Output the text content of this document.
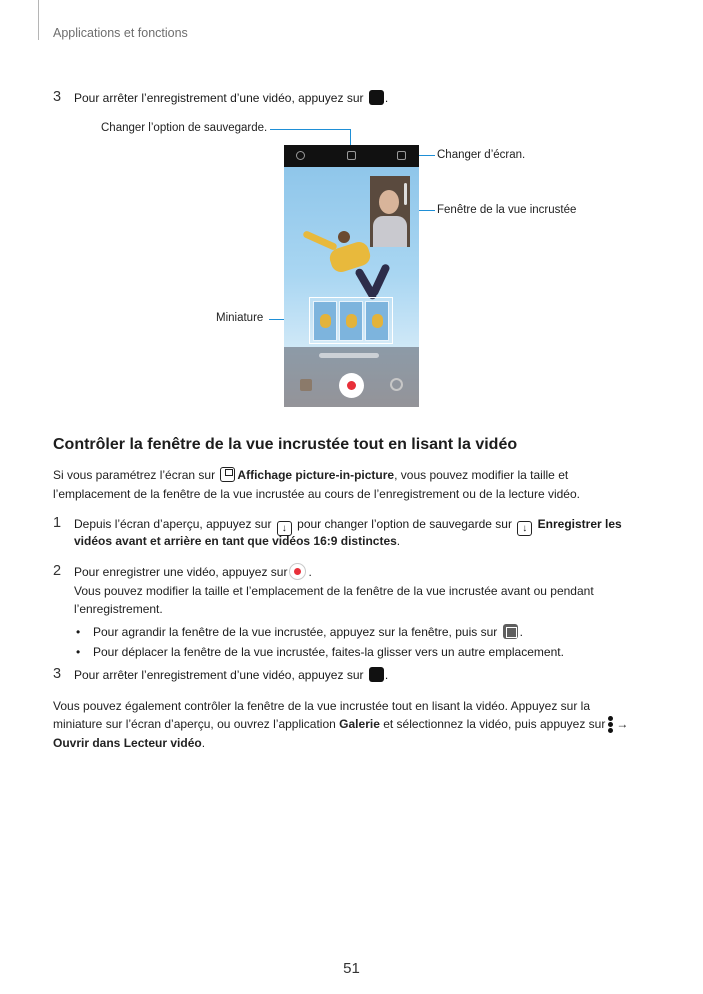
Applications et fonctions
3 Pour arrêter l’enregistrement d’une vidéo, appuyez sur .
Changer l’option de sauvegarde.
Changer d’écran.
Fenêtre de la vue incrustée
Miniature
Contrôler la fenêtre de la vue incrustée tout en lisant la vidéo
Si vous paramétrez l’écran sur Affichage picture-in-picture, vous pouvez modifier la taille et
l’emplacement de la fenêtre de la vue incrustée au cours de l’enregistrement ou de la lecture vidéo.
1 Depuis l’écran d’aperçu, appuyez sur ↓ pour changer l’option de sauvegarde sur ↓ Enregistrer les
vidéos avant et arrière en tant que vidéos 16:9 distinctes.
2 Pour enregistrer une vidéo, appuyez sur .
Vous pouvez modifier la taille et l’emplacement de la fenêtre de la vue incrustée avant ou pendant
l’enregistrement.
• Pour agrandir la fenêtre de la vue incrustée, appuyez sur la fenêtre, puis sur .
• Pour déplacer la fenêtre de la vue incrustée, faites-la glisser vers un autre emplacement.
3 Pour arrêter l’enregistrement d’une vidéo, appuyez sur .
Vous pouvez également contrôler la fenêtre de la vue incrustée tout en lisant la vidéo. Appuyez sur la
miniature sur l’écran d’aperçu, ou ouvrez l’application Galerie et sélectionnez la vidéo, puis appuyez sur →
Ouvrir dans Lecteur vidéo.
51
